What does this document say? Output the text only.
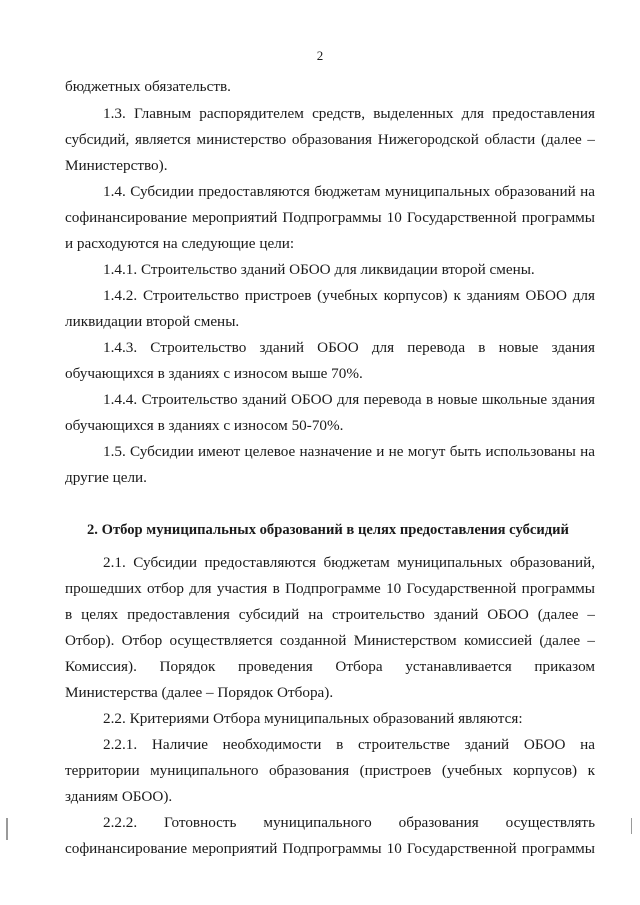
2
бюджетных обязательств.
1.3. Главным распорядителем средств, выделенных для предоставления
субсидий, является министерство образования Нижегородской области (далее –
Министерство).
1.4. Субсидии предоставляются бюджетам муниципальных образований на
софинансирование мероприятий Подпрограммы 10 Государственной программы
и расходуются на следующие цели:
1.4.1. Строительство зданий ОБОО для ликвидации второй смены.
1.4.2. Строительство пристроев (учебных корпусов) к зданиям ОБОО для
ликвидации второй смены.
1.4.3. Строительство зданий ОБОО для перевода в новые здания
обучающихся в зданиях с износом выше 70%.
1.4.4. Строительство зданий ОБОО для перевода в новые школьные здания
обучающихся в зданиях с износом 50-70%.
1.5. Субсидии имеют целевое назначение и не могут быть использованы на
другие цели.
2. Отбор муниципальных образований в целях предоставления субсидий
2.1. Субсидии предоставляются бюджетам муниципальных образований,
прошедших отбор для участия в Подпрограмме 10 Государственной программы
в целях предоставления субсидий на строительство зданий ОБОО (далее –
Отбор). Отбор осуществляется созданной Министерством комиссией (далее –
Комиссия). Порядок проведения Отбора устанавливается приказом
Министерства (далее – Порядок Отбора).
2.2. Критериями Отбора муниципальных образований являются:
2.2.1. Наличие необходимости в строительстве зданий ОБОО на
территории муниципального образования (пристроев (учебных корпусов) к
зданиям ОБОО).
2.2.2. Готовность муниципального образования осуществлять
софинансирование мероприятий Подпрограммы 10 Государственной программы
